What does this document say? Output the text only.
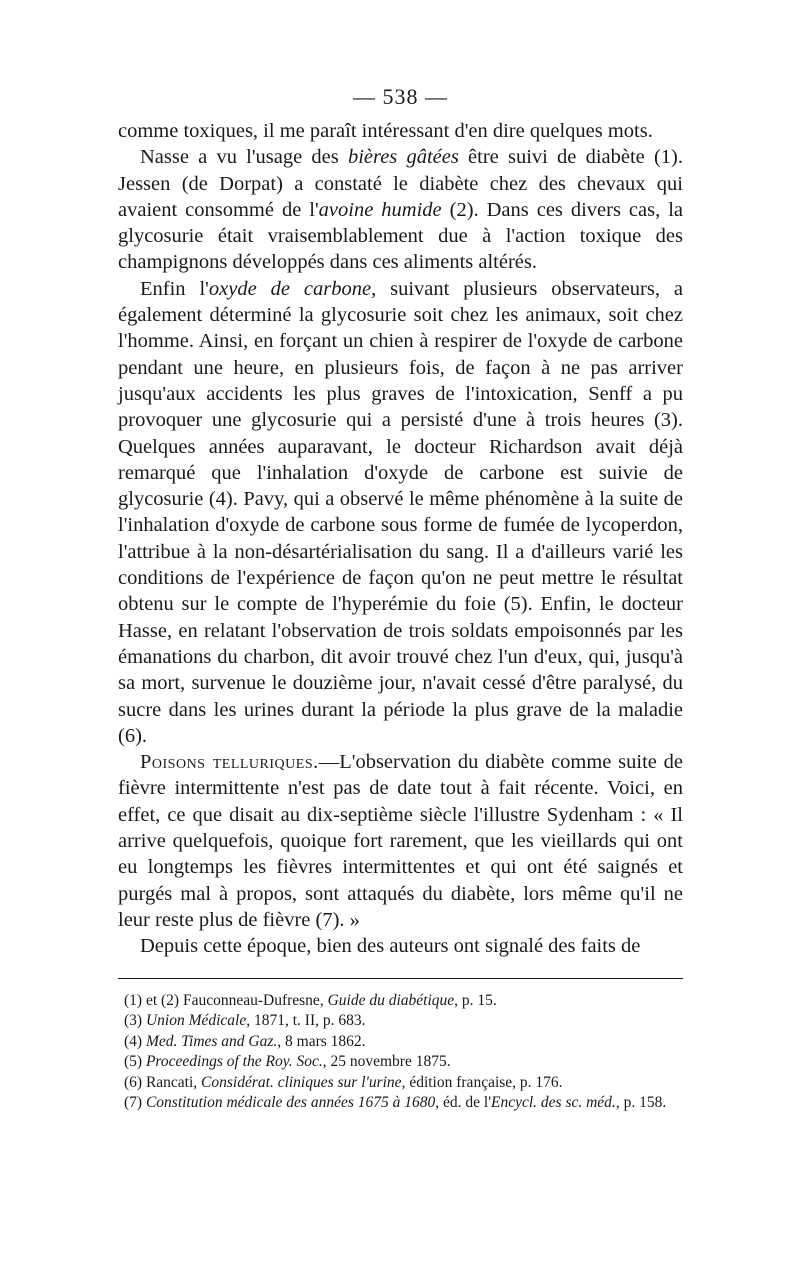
— 538 —

comme toxiques, il me paraît intéressant d'en dire quelques mots.

Nasse a vu l'usage des bières gâtées être suivi de diabète (1). Jessen (de Dorpat) a constaté le diabète chez des chevaux qui avaient consommé de l'avoine humide (2). Dans ces divers cas, la glycosurie était vraisemblablement due à l'action toxique des champignons développés dans ces aliments altérés.

Enfin l'oxyde de carbone, suivant plusieurs observateurs, a également déterminé la glycosurie soit chez les animaux, soit chez l'homme. Ainsi, en forçant un chien à respirer de l'oxyde de carbone pendant une heure, en plusieurs fois, de façon à ne pas arriver jusqu'aux accidents les plus graves de l'intoxication, Senff a pu provoquer une glycosurie qui a persisté d'une à trois heures (3). Quelques années auparavant, le docteur Richardson avait déjà remarqué que l'inhalation d'oxyde de carbone est suivie de glycosurie (4). Pavy, qui a observé le même phénomène à la suite de l'inhalation d'oxyde de carbone sous forme de fumée de lycoperdon, l'attribue à la non-désartérialisation du sang. Il a d'ailleurs varié les conditions de l'expérience de façon qu'on ne peut mettre le résultat obtenu sur le compte de l'hyperémie du foie (5). Enfin, le docteur Hasse, en relatant l'observation de trois soldats empoisonnés par les émanations du charbon, dit avoir trouvé chez l'un d'eux, qui, jusqu'à sa mort, survenue le douzième jour, n'avait cessé d'être paralysé, du sucre dans les urines durant la période la plus grave de la maladie (6).

Poisons telluriques.—L'observation du diabète comme suite de fièvre intermittente n'est pas de date tout à fait récente. Voici, en effet, ce que disait au dix-septième siècle l'illustre Sydenham : « Il arrive quelquefois, quoique fort rarement, que les vieillards qui ont eu longtemps les fièvres intermittentes et qui ont été saignés et purgés mal à propos, sont attaqués du diabète, lors même qu'il ne leur reste plus de fièvre (7). »

Depuis cette époque, bien des auteurs ont signalé des faits de

(1) et (2) Fauconneau-Dufresne, Guide du diabétique, p. 15.

(3) Union Médicale, 1871, t. II, p. 683.

(4) Med. Times and Gaz., 8 mars 1862.

(5) Proceedings of the Roy. Soc., 25 novembre 1875.

(6) Rancati, Considérat. cliniques sur l'urine, édition française, p. 176.

(7) Constitution médicale des années 1675 à 1680, éd. de l'Encycl. des sc. méd., p. 158.
